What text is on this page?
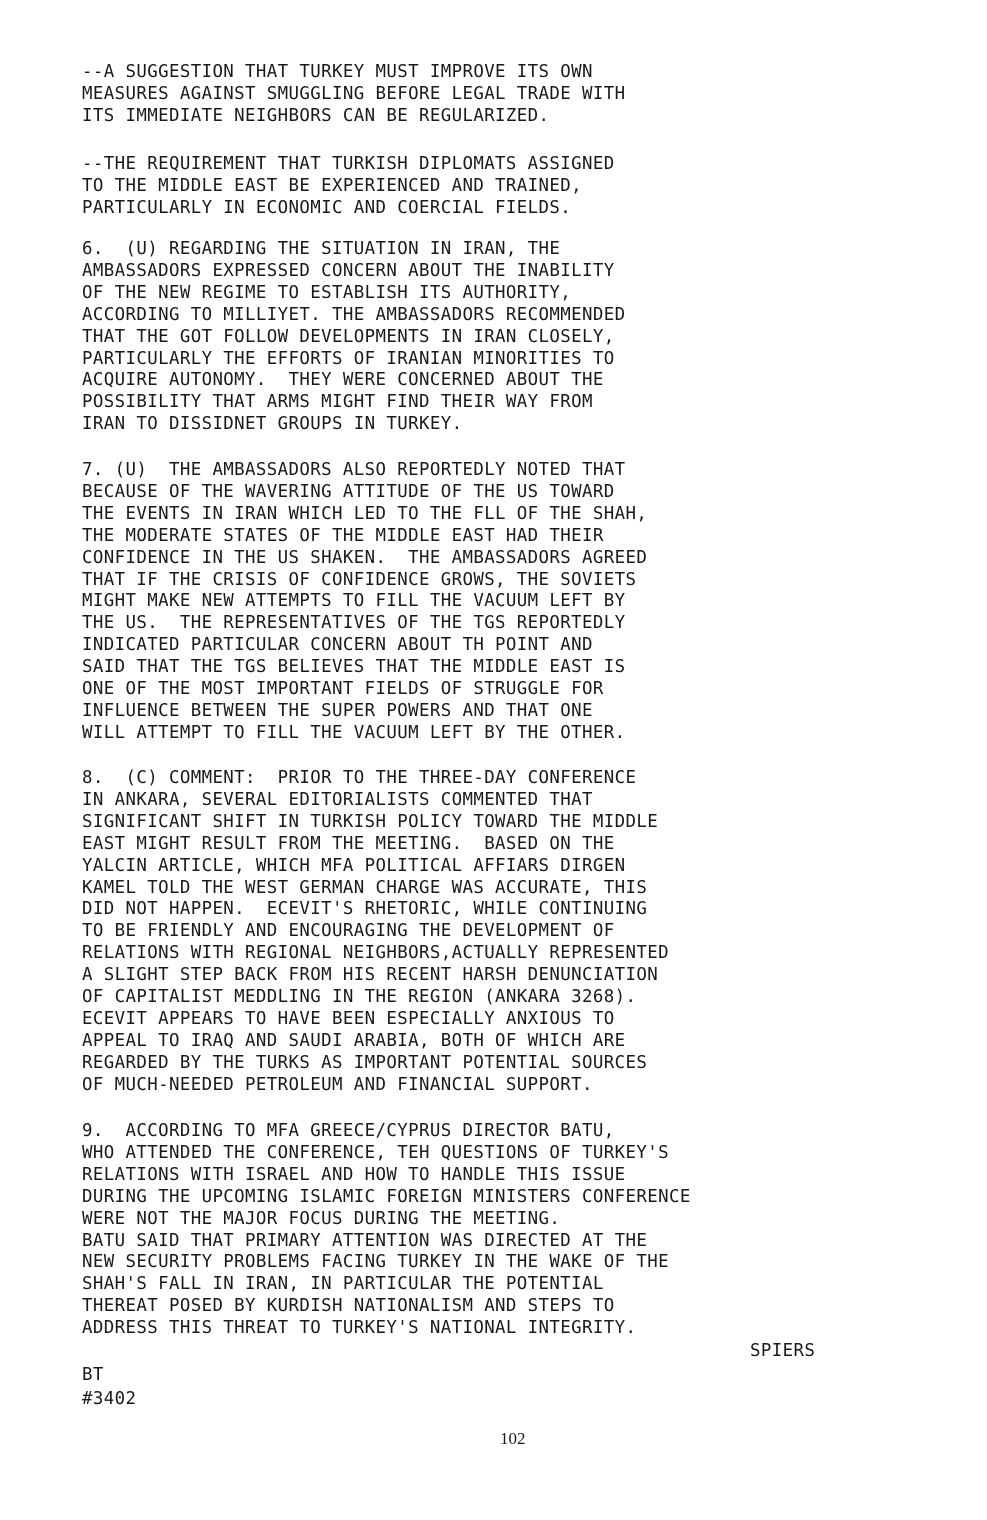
--A SUGGESTION THAT TURKEY MUST IMPROVE ITS OWN
MEASURES AGAINST SMUGGLING BEFORE LEGAL TRADE WITH
ITS IMMEDIATE NEIGHBORS CAN BE REGULARIZED.

--THE REQUIREMENT THAT TURKISH DIPLOMATS ASSIGNED
TO THE MIDDLE EAST BE EXPERIENCED AND TRAINED,
PARTICULARLY IN ECONOMIC AND COERCIAL FIELDS.

6.  (U) REGARDING THE SITUATION IN IRAN, THE
AMBASSADORS EXPRESSED CONCERN ABOUT THE INABILITY
OF THE NEW REGIME TO ESTABLISH ITS AUTHORITY,
ACCORDING TO MILLIYET. THE AMBASSADORS RECOMMENDED
THAT THE GOT FOLLOW DEVELOPMENTS IN IRAN CLOSELY,
PARTICULARLY THE EFFORTS OF IRANIAN MINORITIES TO
ACQUIRE AUTONOMY.  THEY WERE CONCERNED ABOUT THE
POSSIBILITY THAT ARMS MIGHT FIND THEIR WAY FROM
IRAN TO DISSIDNET GROUPS IN TURKEY.

7. (U)  THE AMBASSADORS ALSO REPORTEDLY NOTED THAT
BECAUSE OF THE WAVERING ATTITUDE OF THE US TOWARD
THE EVENTS IN IRAN WHICH LED TO THE FLL OF THE SHAH,
THE MODERATE STATES OF THE MIDDLE EAST HAD THEIR
CONFIDENCE IN THE US SHAKEN.  THE AMBASSADORS AGREED
THAT IF THE CRISIS OF CONFIDENCE GROWS, THE SOVIETS
MIGHT MAKE NEW ATTEMPTS TO FILL THE VACUUM LEFT BY
THE US.  THE REPRESENTATIVES OF THE TGS REPORTEDLY
INDICATED PARTICULAR CONCERN ABOUT TH POINT AND
SAID THAT THE TGS BELIEVES THAT THE MIDDLE EAST IS
ONE OF THE MOST IMPORTANT FIELDS OF STRUGGLE FOR
INFLUENCE BETWEEN THE SUPER POWERS AND THAT ONE
WILL ATTEMPT TO FILL THE VACUUM LEFT BY THE OTHER.

8.  (C) COMMENT:  PRIOR TO THE THREE-DAY CONFERENCE
IN ANKARA, SEVERAL EDITORIALISTS COMMENTED THAT
SIGNIFICANT SHIFT IN TURKISH POLICY TOWARD THE MIDDLE
EAST MIGHT RESULT FROM THE MEETING.  BASED ON THE
YALCIN ARTICLE, WHICH MFA POLITICAL AFFIARS DIRGEN
KAMEL TOLD THE WEST GERMAN CHARGE WAS ACCURATE, THIS
DID NOT HAPPEN.  ECEVIT'S RHETORIC, WHILE CONTINUING
TO BE FRIENDLY AND ENCOURAGING THE DEVELOPMENT OF
RELATIONS WITH REGIONAL NEIGHBORS,ACTUALLY REPRESENTED
A SLIGHT STEP BACK FROM HIS RECENT HARSH DENUNCIATION
OF CAPITALIST MEDDLING IN THE REGION (ANKARA 3268).
ECEVIT APPEARS TO HAVE BEEN ESPECIALLY ANXIOUS TO
APPEAL TO IRAQ AND SAUDI ARABIA, BOTH OF WHICH ARE
REGARDED BY THE TURKS AS IMPORTANT POTENTIAL SOURCES
OF MUCH-NEEDED PETROLEUM AND FINANCIAL SUPPORT.

9.  ACCORDING TO MFA GREECE/CYPRUS DIRECTOR BATU,
WHO ATTENDED THE CONFERENCE, TEH QUESTIONS OF TURKEY'S
RELATIONS WITH ISRAEL AND HOW TO HANDLE THIS ISSUE
DURING THE UPCOMING ISLAMIC FOREIGN MINISTERS CONFERENCE
WERE NOT THE MAJOR FOCUS DURING THE MEETING.
BATU SAID THAT PRIMARY ATTENTION WAS DIRECTED AT THE
NEW SECURITY PROBLEMS FACING TURKEY IN THE WAKE OF THE
SHAH'S FALL IN IRAN, IN PARTICULAR THE POTENTIAL
THEREAT POSED BY KURDISH NATIONALISM AND STEPS TO
ADDRESS THIS THREAT TO TURKEY'S NATIONAL INTEGRITY.

SPIERS
BT
#3402
102
